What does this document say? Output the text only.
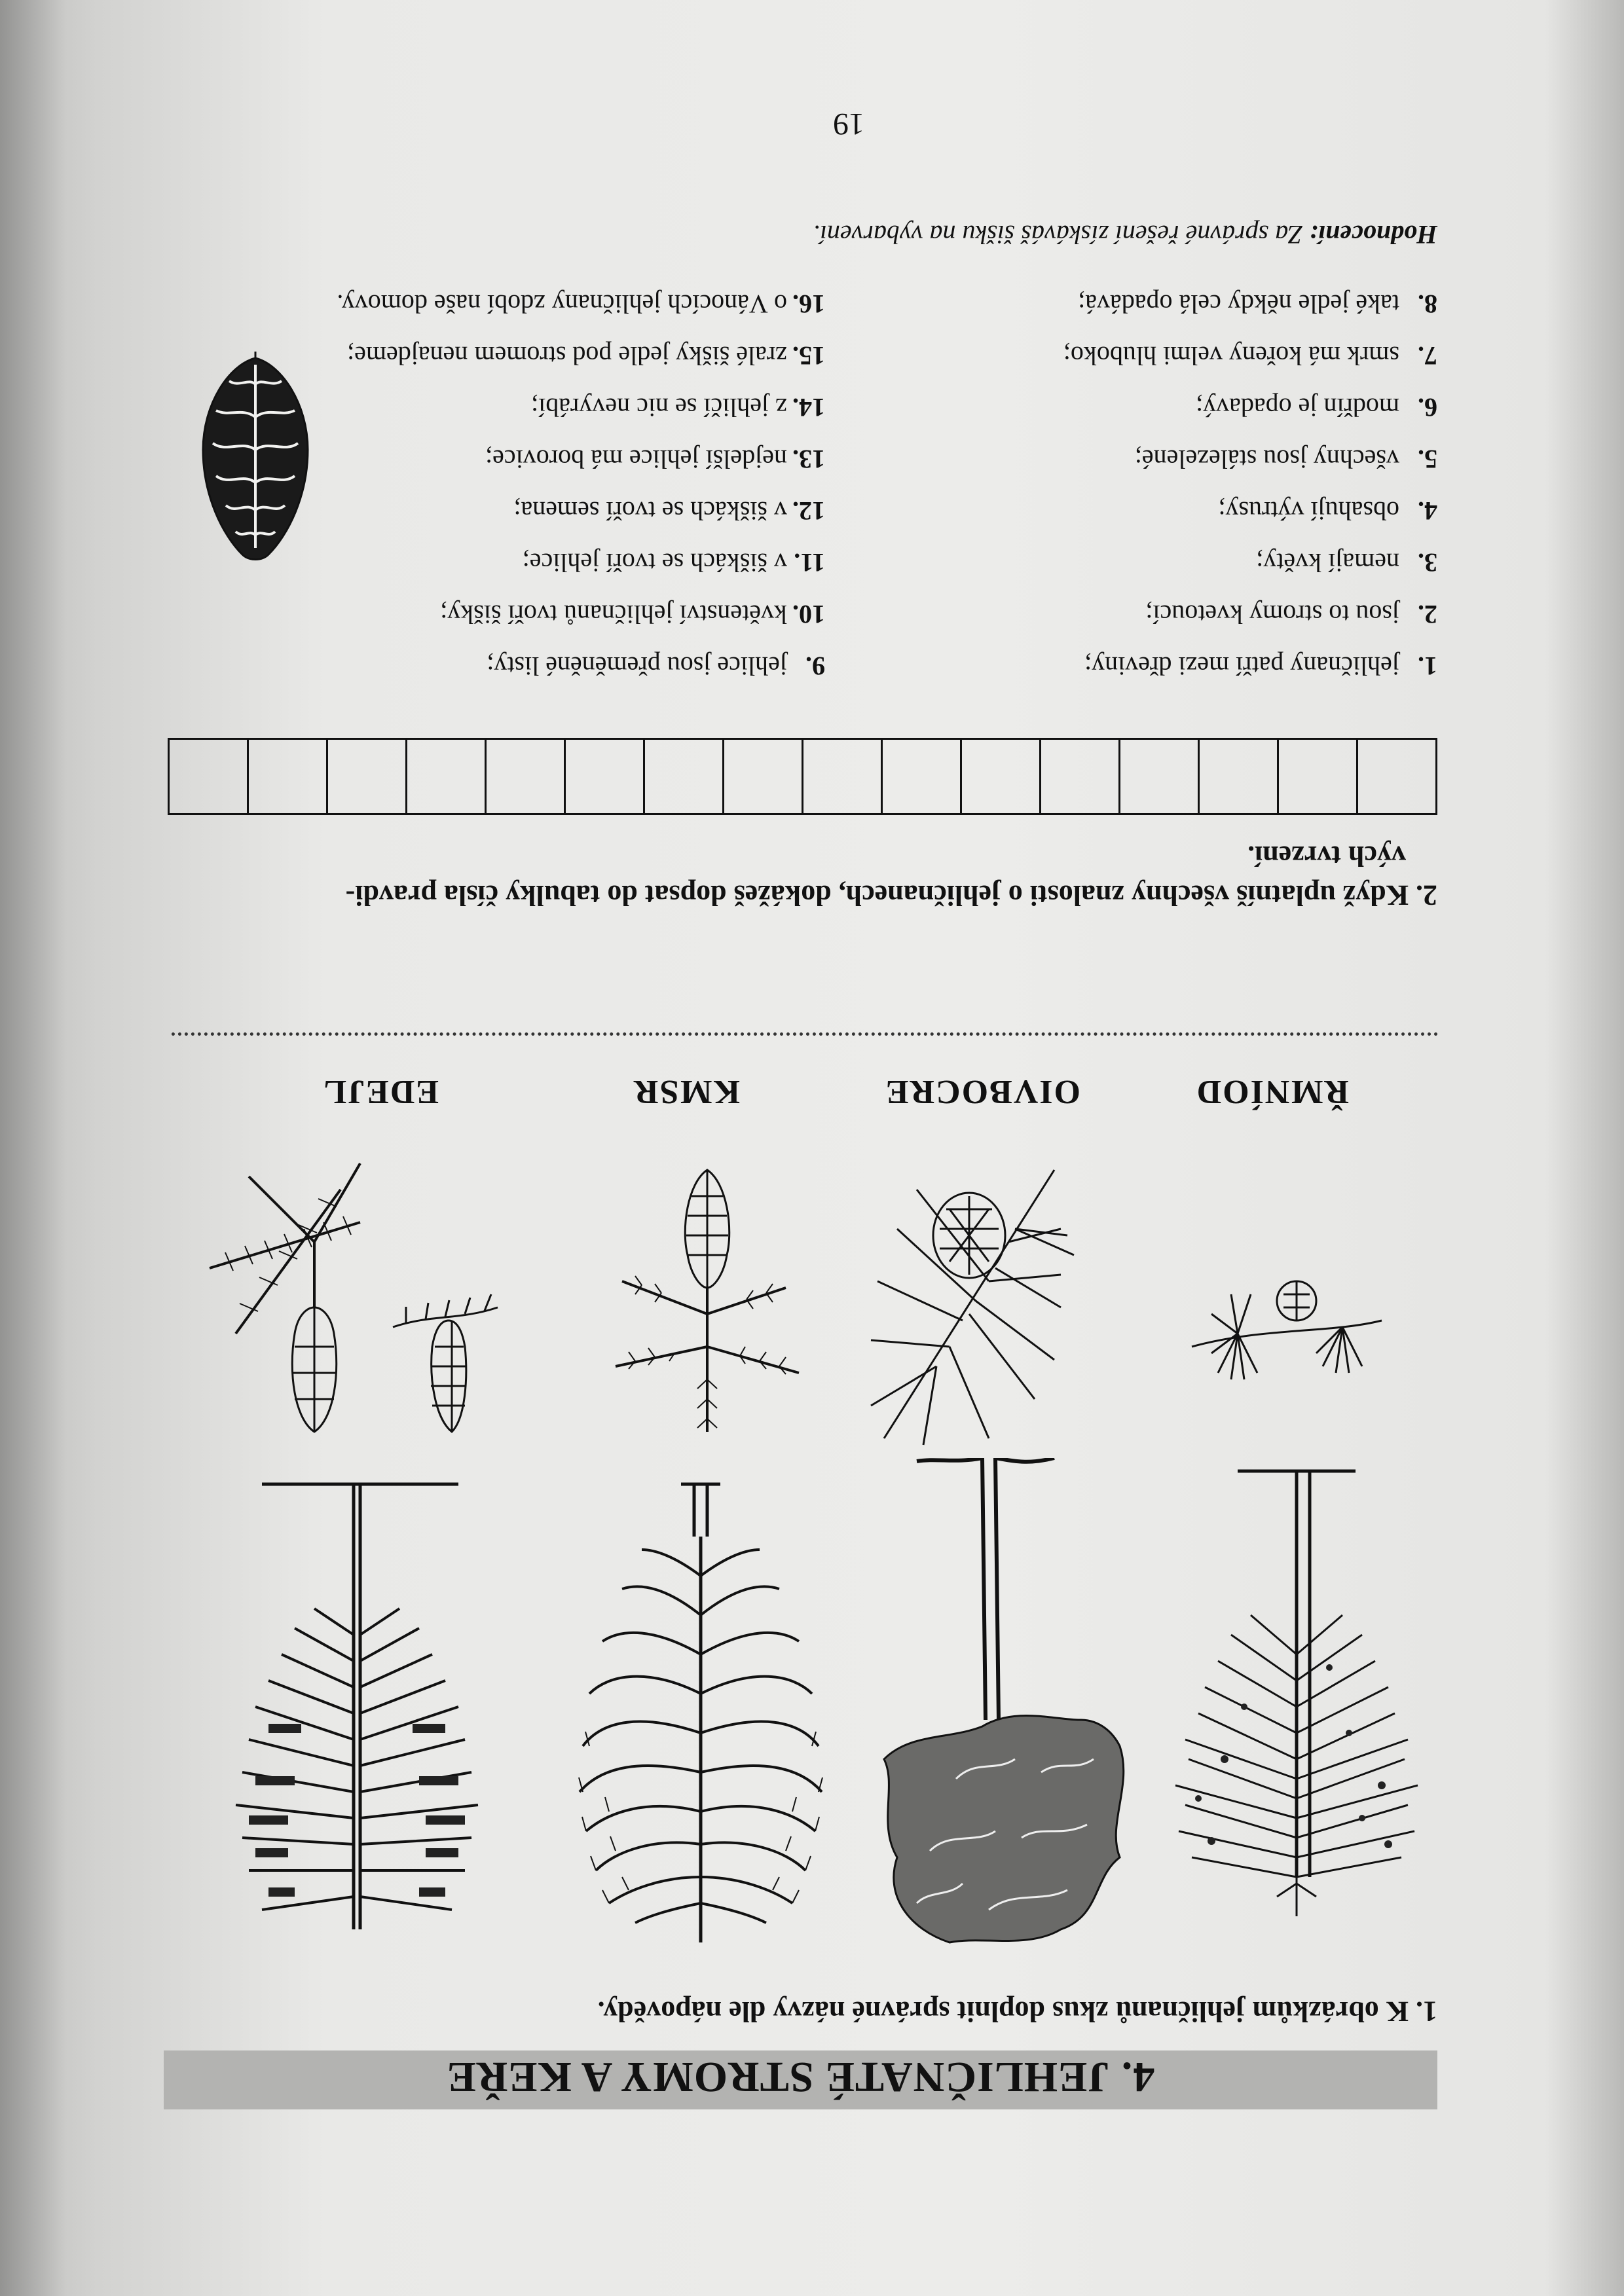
4. JEHLIČNATÉ STROMY A KEŘE
1. K obrázkům jehličnanů zkus doplnit správné názvy dle nápovědy.
ŘMNÍOD
OIVBOCRE
KMSR
EDEJL
2. Když uplatníš všechny znalosti o jehličnanech, dokážeš dopsat do tabulky čísla pravdi-
vých tvrzení.

1.jehličnany patří mezi dřeviny;
2.jsou to stromy kvetoucí;
3.nemají květy;
4.obsahují výtrusy;
5.všechny jsou stálezelené;
6.modřín je opadavý;
7.smrk má kořeny velmi hluboko;
8.také jedle někdy celá opadává;
9.jehlice jsou přeměněné listy;
10.květenství jehličnanů tvoří šišky;
11.v šiškách se tvoří jehlice;
12.v šiškách se tvoří semena;
13.nejdelší jehlice má borovice;
14.z jehličí se nic nevyrábí;
15.zralé šišky jedle pod stromem nenajdeme;
16.o Vánocích jehličnany zdobí naše domovy.
Hodnocení: Za správné řešení získáváš šišku na vybarvení.
19
